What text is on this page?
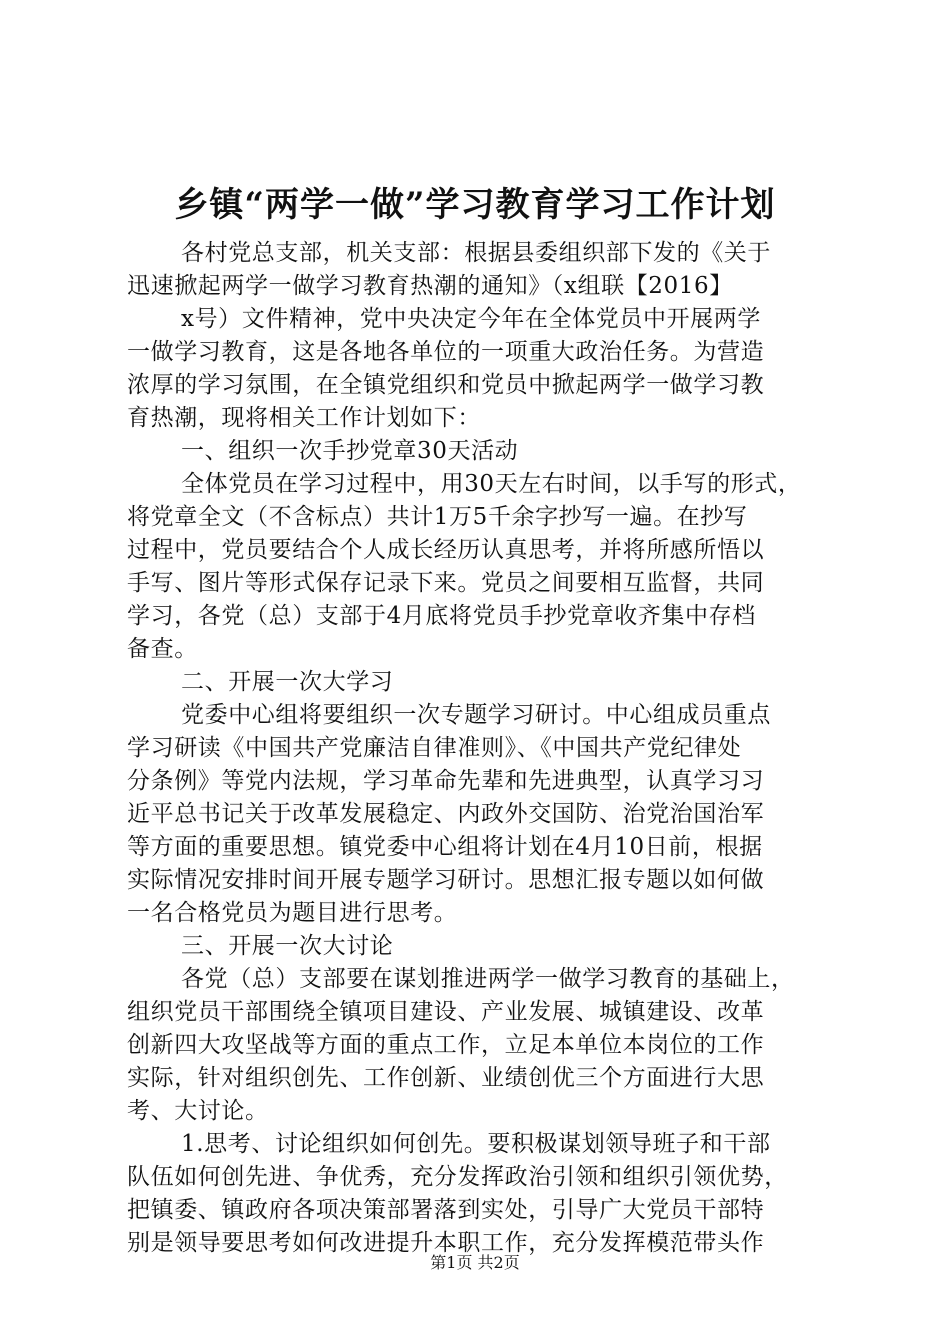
乡镇“两学一做”学习教育学习工作计划
各村党总支部，机关支部：根据县委组织部下发的《关于
迅速掀起两学一做学习教育热潮的通知》（x组联【2016】
x号）文件精神，党中央决定今年在全体党员中开展两学
一做学习教育，这是各地各单位的一项重大政治任务。为营造
浓厚的学习氛围，在全镇党组织和党员中掀起两学一做学习教
育热潮，现将相关工作计划如下：
一、组织一次手抄党章30天活动
全体党员在学习过程中，用30天左右时间，以手写的形式，
将党章全文（不含标点）共计1万5千余字抄写一遍。在抄写
过程中，党员要结合个人成长经历认真思考，并将所感所悟以
手写、图片等形式保存记录下来。党员之间要相互监督，共同
学习，各党（总）支部于4月底将党员手抄党章收齐集中存档
备查。
二、开展一次大学习
党委中心组将要组织一次专题学习研讨。中心组成员重点
学习研读《中国共产党廉洁自律准则》、《中国共产党纪律处
分条例》等党内法规，学习革命先辈和先进典型，认真学习习
近平总书记关于改革发展稳定、内政外交国防、治党治国治军
等方面的重要思想。镇党委中心组将计划在4月10日前，根据
实际情况安排时间开展专题学习研讨。思想汇报专题以如何做
一名合格党员为题目进行思考。
三、开展一次大讨论
各党（总）支部要在谋划推进两学一做学习教育的基础上，
组织党员干部围绕全镇项目建设、产业发展、城镇建设、改革
创新四大攻坚战等方面的重点工作，立足本单位本岗位的工作
实际，针对组织创先、工作创新、业绩创优三个方面进行大思
考、大讨论。
1.思考、讨论组织如何创先。要积极谋划领导班子和干部
队伍如何创先进、争优秀，充分发挥政治引领和组织引领优势，
把镇委、镇政府各项决策部署落到实处，引导广大党员干部特
别是领导要思考如何改进提升本职工作，充分发挥模范带头作
第1页 共2页
